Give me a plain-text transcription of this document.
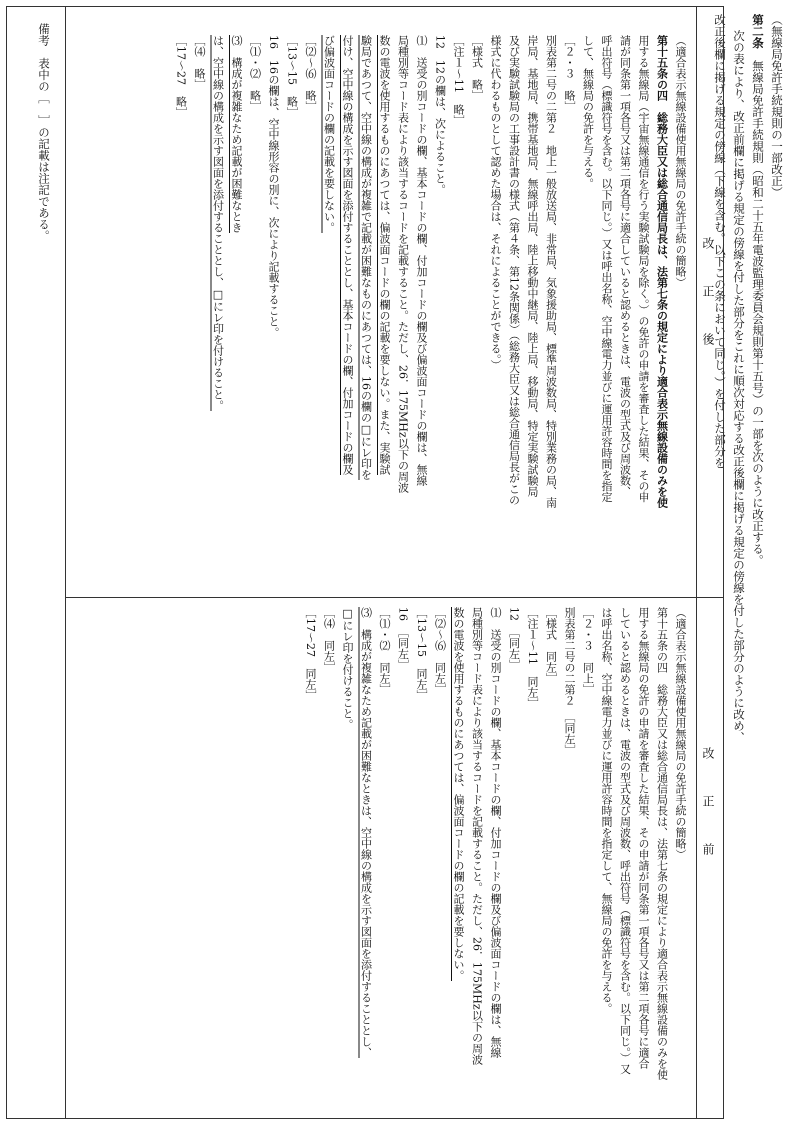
（無線局免許手続規則の一部改正）
第二条　無線局免許手続規則（昭和二十五年電波監理委員会規則第十五号）の一部を次のように改正する。
次の表により、改正前欄に掲げる規定の傍線を付した部分をこれに順次対応する改正後欄に掲げる規定の傍線を付した部分のように改め、
改正後欄に掲げる規定の傍線（下線を含む。以下この条において同じ。）を付した部分を
改　　　正　　　後
（適合表示無線設備使用無線局の免許手続の簡略）
第十五条の四　総務大臣又は総合通信局長は、法第七条の規定により適合表示無線設備のみを使
用する無線局（宇宙無線通信を行う実験試験局を除く。）の免許の申請を審査した結果、その申
請が同条第一項各号又は第二項各号に適合していると認めるときは、電波の型式及び周波数、
呼出符号（標識符号を含む。以下同じ。）又は呼出名称、空中線電力並びに運用許容時間を指定
して、無線局の免許を与える。
［２・３　略］
別表第二号の二第２　地上一般放送局、非常局、気象援助局、標準周波数局、特別業務の局、南
岸局、基地局、携帯基地局、無線呼出局、陸上移動中継局、陸上局、移動局、特定実験試験局
及び実験試験局の工事設計書の様式（第４条、第12条関係）（総務大臣又は総合通信局長がこの
様式に代わるものとして認めた場合は、それによることができる。）
［様式　略］
［注１～11　略］
12　12の欄は、次によること。
⑴　送受の別コードの欄、基本コードの欄、付加コードの欄及び偏波面コードの欄は、無線
局種別等コード表により該当するコードを記載すること。ただし、26．175MHz以下の周波
数の電波を使用するものにあつては、偏波面コードの欄の記載を要しない。また、実験試
験局であつて、空中線の構成が複雑で記載が困難なものにあつては、16の欄の□にレ印を
付け、空中線の構成を示す図面を添付することとし、基本コードの欄、付加コードの欄及
び偏波面コードの欄の記載を要しない。
［⑵～⑹　略］
［13～15　略］
16　16の欄は、空中線形容の別に、次により記載すること。
［⑴・⑵　略］
⑶　構成が複雑なため記載が困難なとき
は、空中線の構成を示す図面を添付することとし、□にレ印を付けること。
［⑷　略］
［17～27　略］
改　　　正　　　前
（適合表示無線設備使用無線局の免許手続の簡略）
第十五条の四　総務大臣又は総合通信局長は、法第七条の規定により適合表示無線設備のみを使
用する無線局の免許の申請を審査した結果、その申請が同条第一項各号又は第二項各号に適合
していると認めるときは、電波の型式及び周波数、呼出符号（標識符号を含む。以下同じ。）又
は呼出名称、空中線電力並びに運用許容時間を指定して、無線局の免許を与える。
［２・３　同上］
別表第二号の二第２　［同左］
［様式　同左］
［注１～11　同左］
12　［同左］
⑴　送受の別コードの欄、基本コードの欄、付加コードの欄及び偏波面コードの欄は、無線
局種別等コード表により該当するコードを記載すること。ただし、26．175MHz以下の周波
数の電波を使用するものにあつては、偏波面コードの欄の記載を要しない。
［⑵～⑹　同左］
［13～15　同左］
16　［同左］
［⑴・⑵　同左］
⑶　構成が複雑なため記載が困難なときは、空中線の構成を示す図面を添付することとし、
□にレ印を付けること。
［⑷　同左］
［17～27　同左］
備考　表中の［　］の記載は注記である。
